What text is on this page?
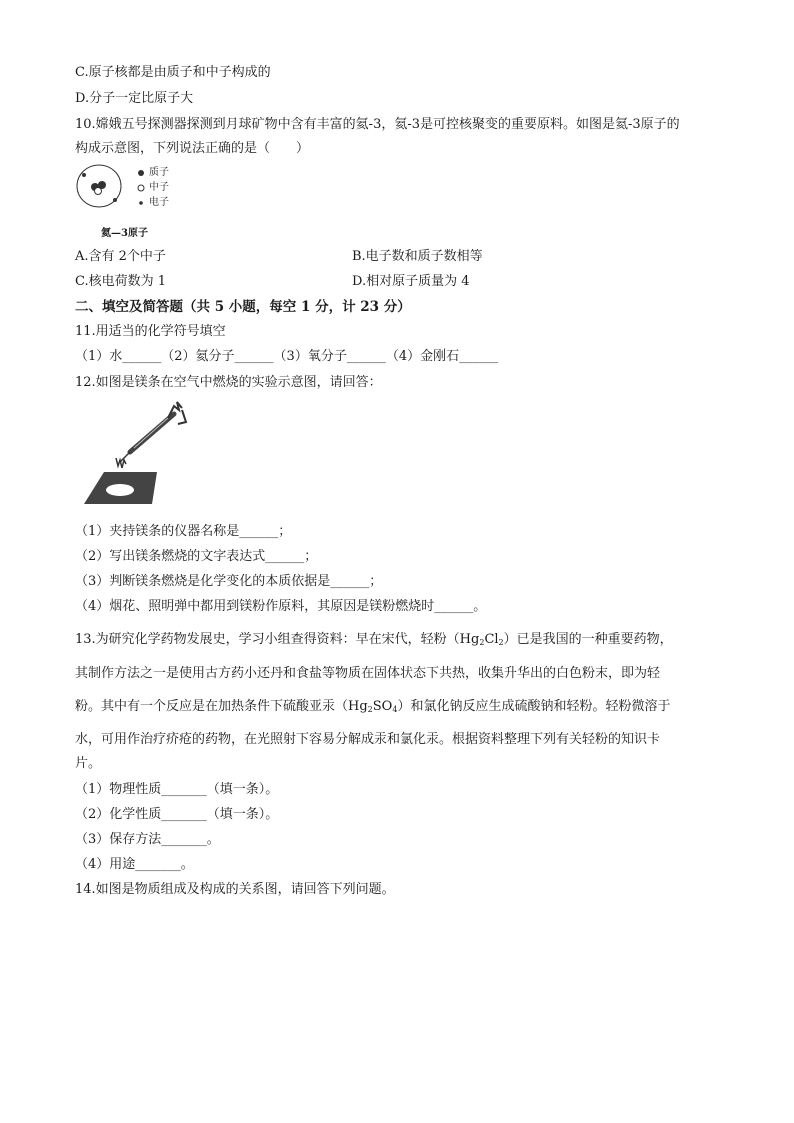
C.原子核都是由质子和中子构成的
D.分子一定比原子大
10.嫦娥五号探测器探测到月球矿物中含有丰富的氦-3，氦-3是可控核聚变的重要原料。如图是氦-3原子的
构成示意图，下列说法正确的是（　　）
质子
中子
电子
氦—3原子
A.含有 2个中子	B.电子数和质子数相等
C.核电荷数为 1	D.相对原子质量为 4
二、填空及简答题（共 5 小题，每空 1 分，计 23 分）
11.用适当的化学符号填空
（1）水______（2）氦分子______（3）氧分子______（4）金刚石______
12.如图是镁条在空气中燃烧的实验示意图，请回答：
（1）夹持镁条的仪器名称是______；
（2）写出镁条燃烧的文字表达式______；
（3）判断镁条燃烧是化学变化的本质依据是______；
（4）烟花、照明弹中都用到镁粉作原料，其原因是镁粉燃烧时______。
13.为研究化学药物发展史，学习小组查得资料：早在宋代，轻粉$(Hg_2Cl_2)$已是我国的一种重要药物，
其制作方法之一是使用古方药小还丹和食盐等物质在固体状态下共热，收集升华出的白色粉末，即为轻
粉。其中有一个反应是在加热条件下硫酸亚汞$(Hg_2SO_4)$和氯化钠反应生成硫酸钠和轻粉。轻粉微溶于
水，可用作治疗疥疮的药物，在光照射下容易分解成汞和氯化汞。根据资料整理下列有关轻粉的知识卡
片。
（1）物理性质_______（填一条）。
（2）化学性质_______（填一条）。
（3）保存方法_______。
（4）用途_______。
14.如图是物质组成及构成的关系图，请回答下列问题。
